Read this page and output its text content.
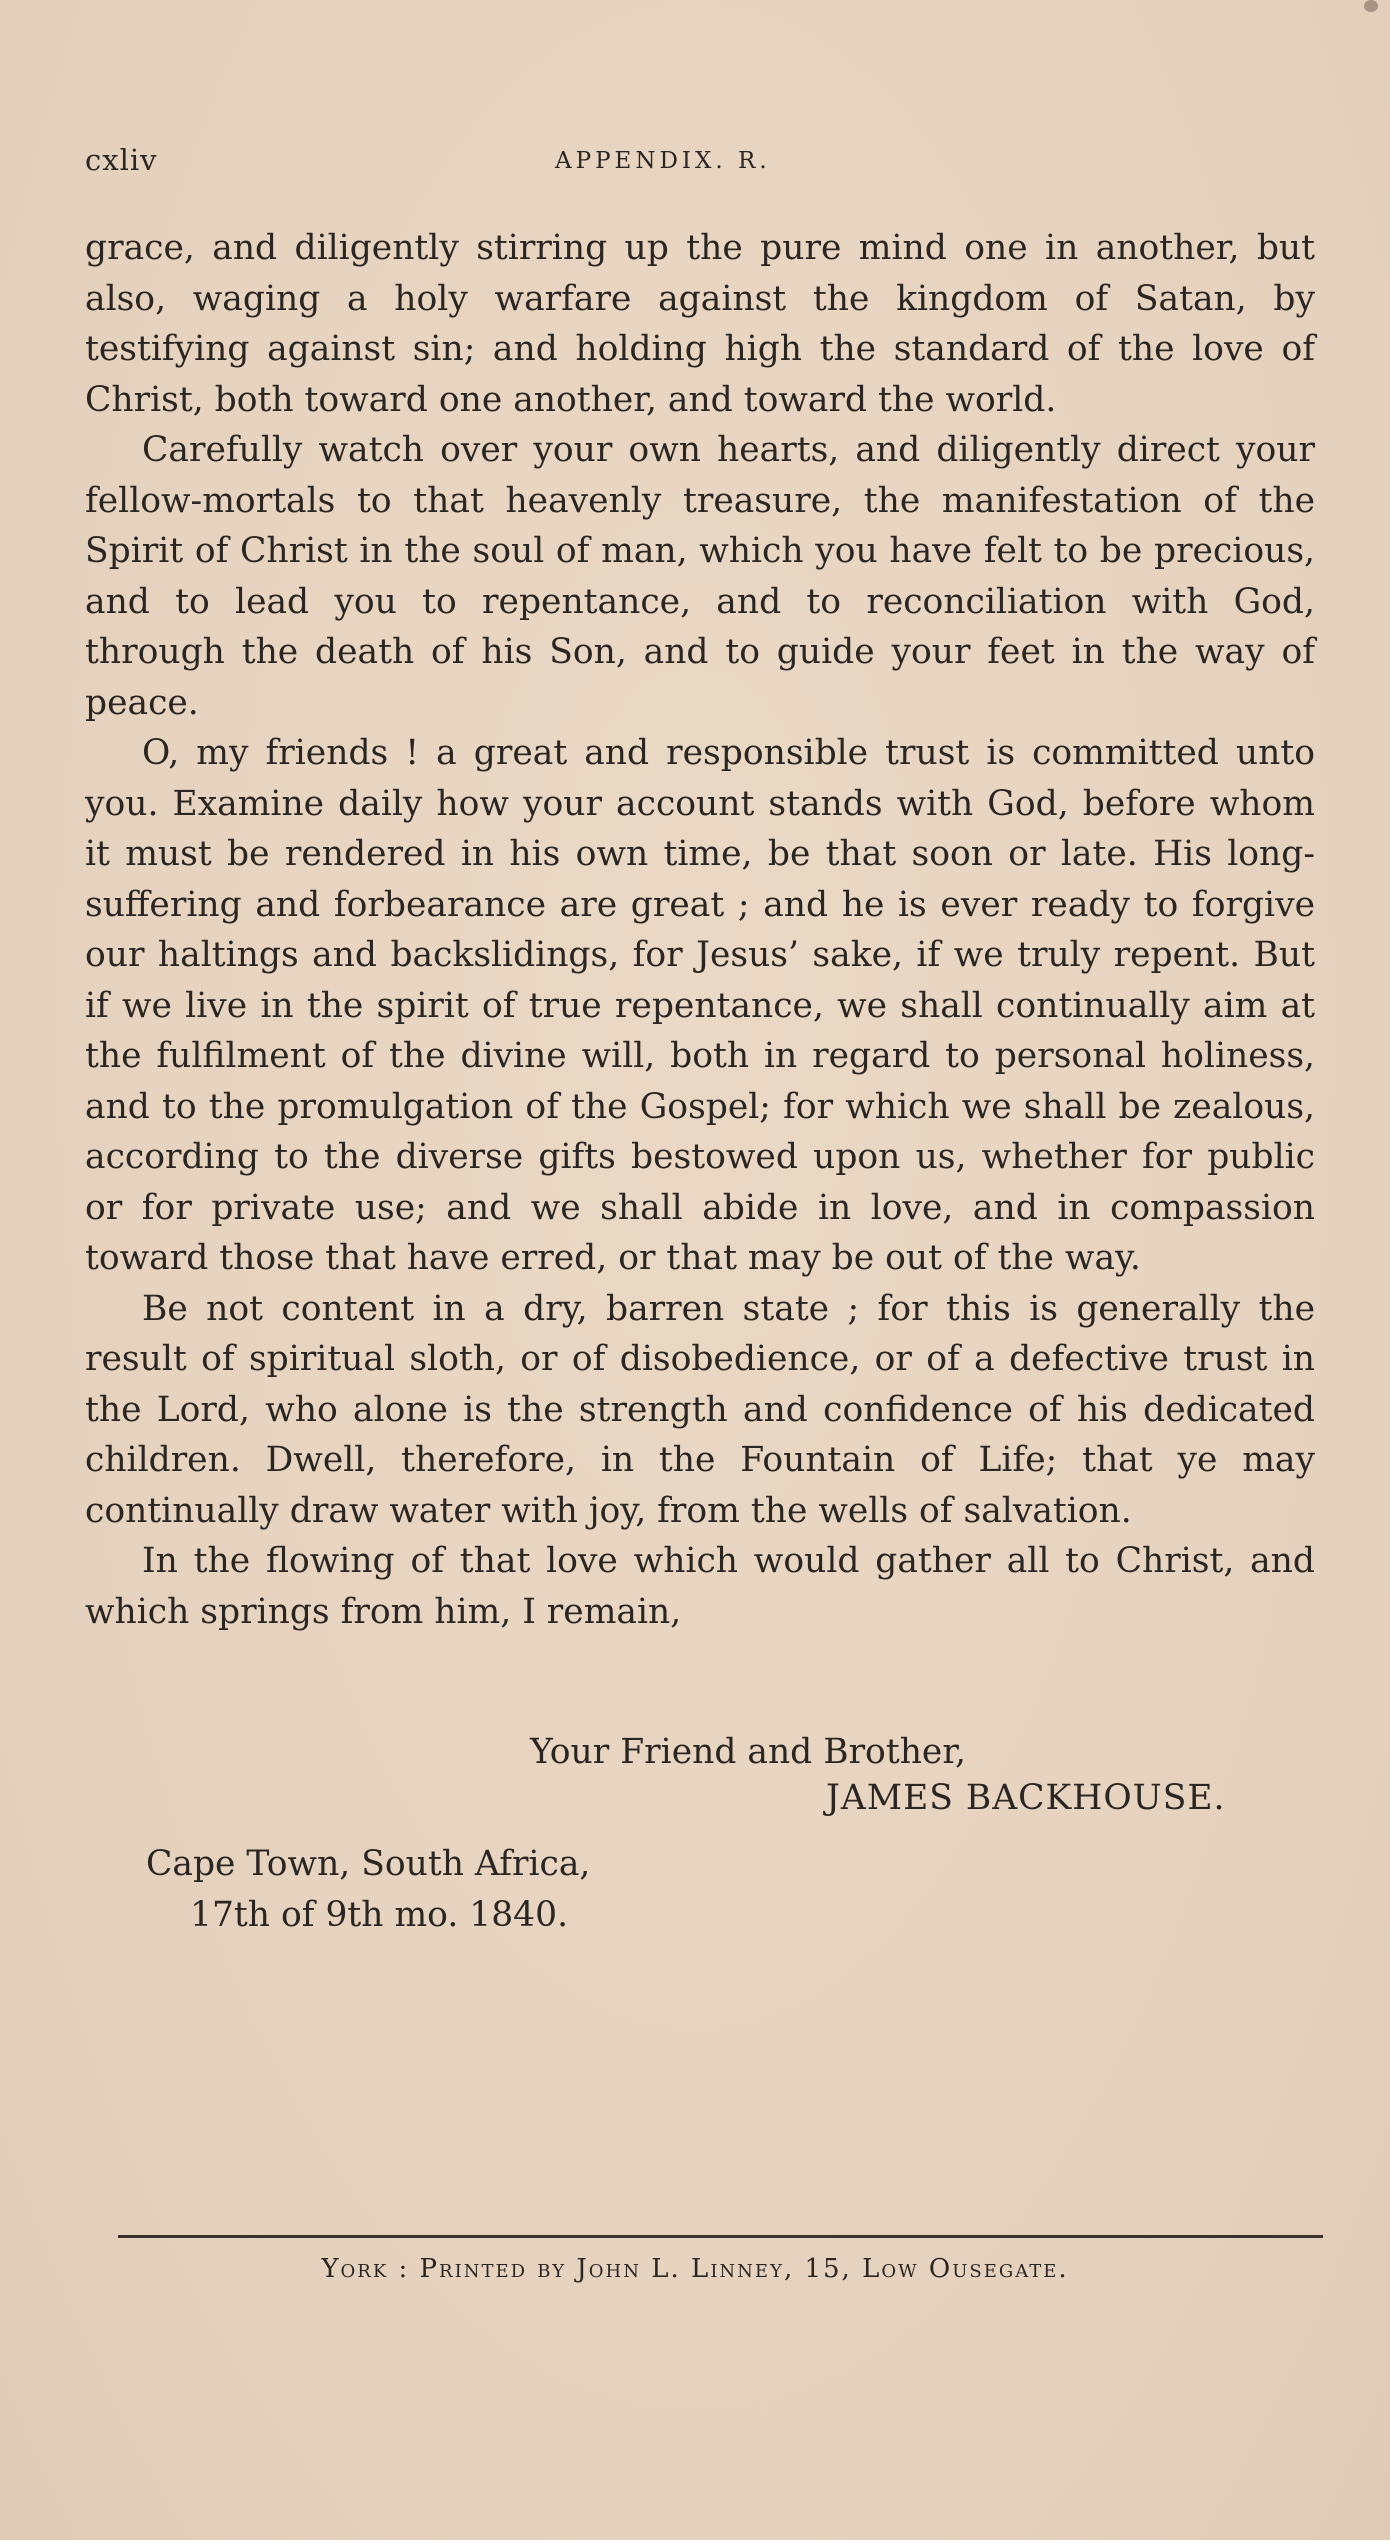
cxliv	APPENDIX. R.

grace, and diligently stirring up the pure mind one in another, but also, waging a holy warfare against the kingdom of Satan, by testifying against sin; and holding high the standard of the love of Christ, both toward one another, and toward the world.

Carefully watch over your own hearts, and diligently direct your fellow-mortals to that heavenly treasure, the manifestation of the Spirit of Christ in the soul of man, which you have felt to be precious, and to lead you to repentance, and to reconciliation with God, through the death of his Son, and to guide your feet in the way of peace.

O, my friends ! a great and responsible trust is committed unto you. Examine daily how your account stands with God, before whom it must be rendered in his own time, be that soon or late. His long-suffering and forbearance are great ; and he is ever ready to forgive our haltings and backslidings, for Jesus’ sake, if we truly repent. But if we live in the spirit of true repentance, we shall continually aim at the fulfilment of the divine will, both in regard to personal holiness, and to the promulgation of the Gospel; for which we shall be zealous, according to the diverse gifts bestowed upon us, whether for public or for private use; and we shall abide in love, and in compassion toward those that have erred, or that may be out of the way.

Be not content in a dry, barren state ; for this is generally the result of spiritual sloth, or of disobedience, or of a defective trust in the Lord, who alone is the strength and confidence of his dedicated children. Dwell, therefore, in the Fountain of Life; that ye may continually draw water with joy, from the wells of salvation.

In the flowing of that love which would gather all to Christ, and which springs from him, I remain,

Your Friend and Brother,
JAMES BACKHOUSE.
Cape Town, South Africa,
17th of 9th mo. 1840.
York : Printed by John L. Linney, 15, Low Ousegate.
